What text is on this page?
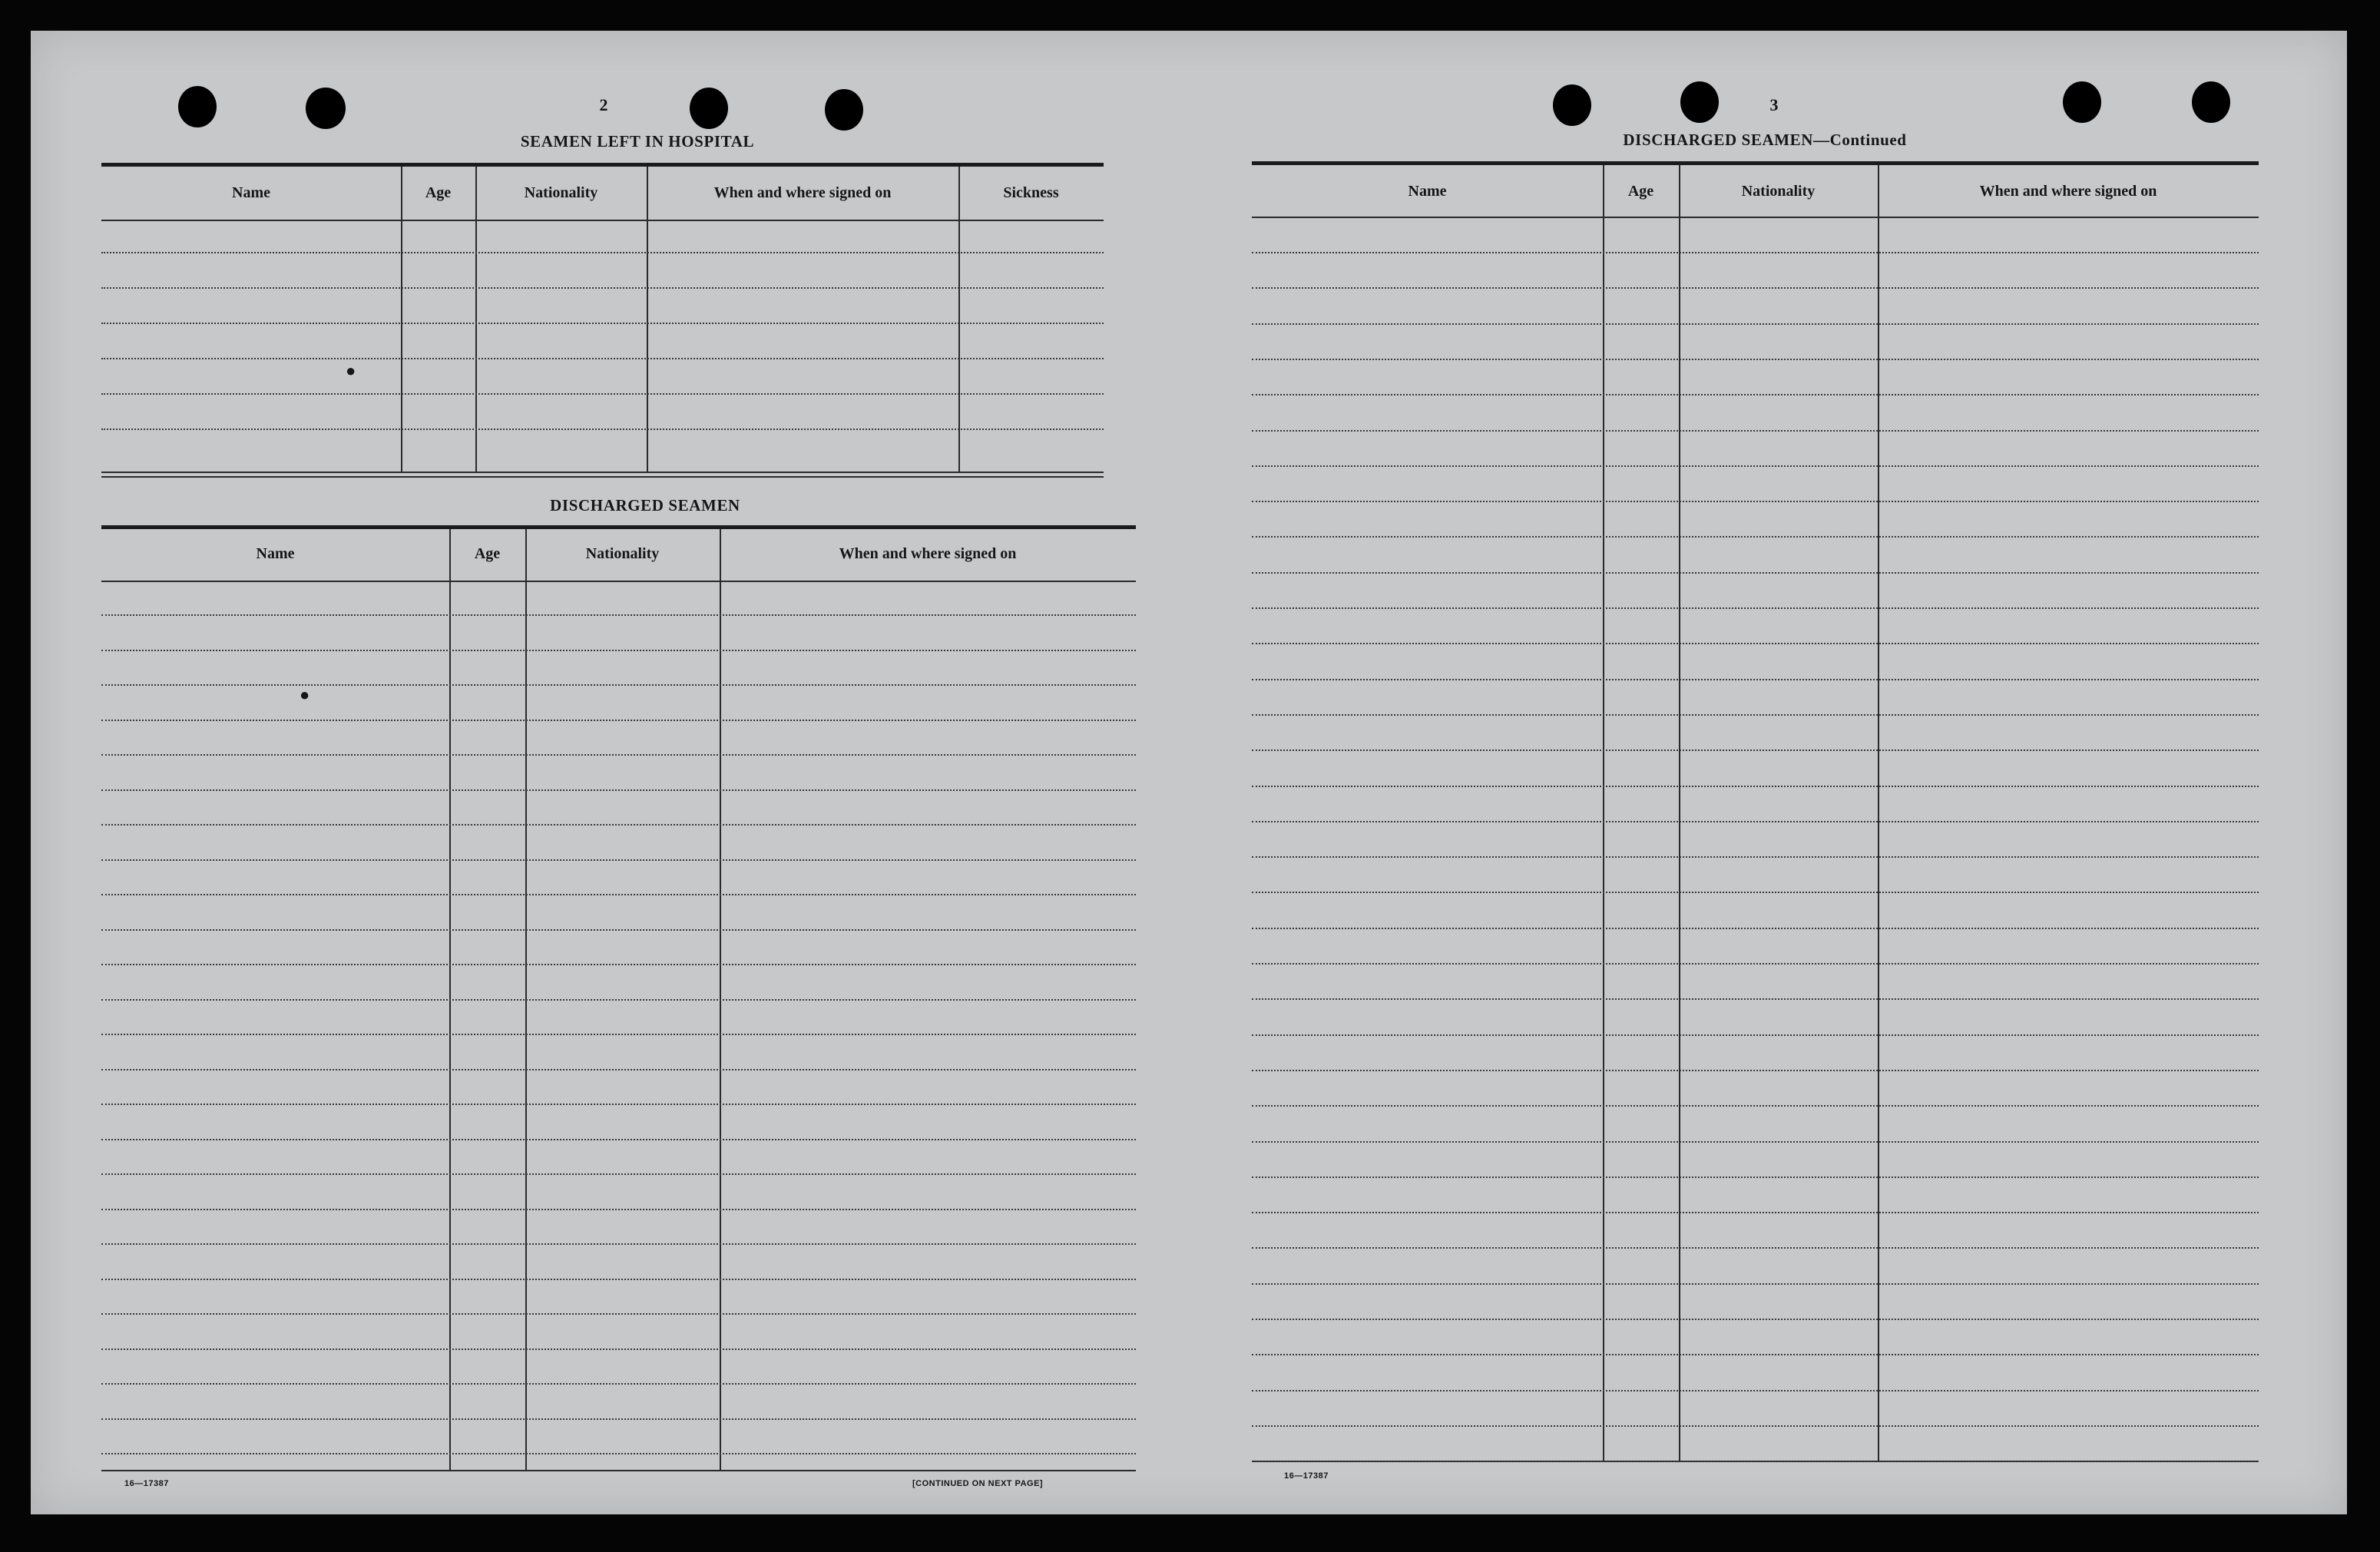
2
SEAMEN LEFT IN HOSPITAL
Name	Age	Nationality	When and where signed on	Sickness
DISCHARGED SEAMEN
Name	Age	Nationality	When and where signed on
●
●
16—17387	[CONTINUED ON NEXT PAGE]
3
DISCHARGED SEAMEN—Continued
Name	Age	Nationality	When and where signed on
16—17387
